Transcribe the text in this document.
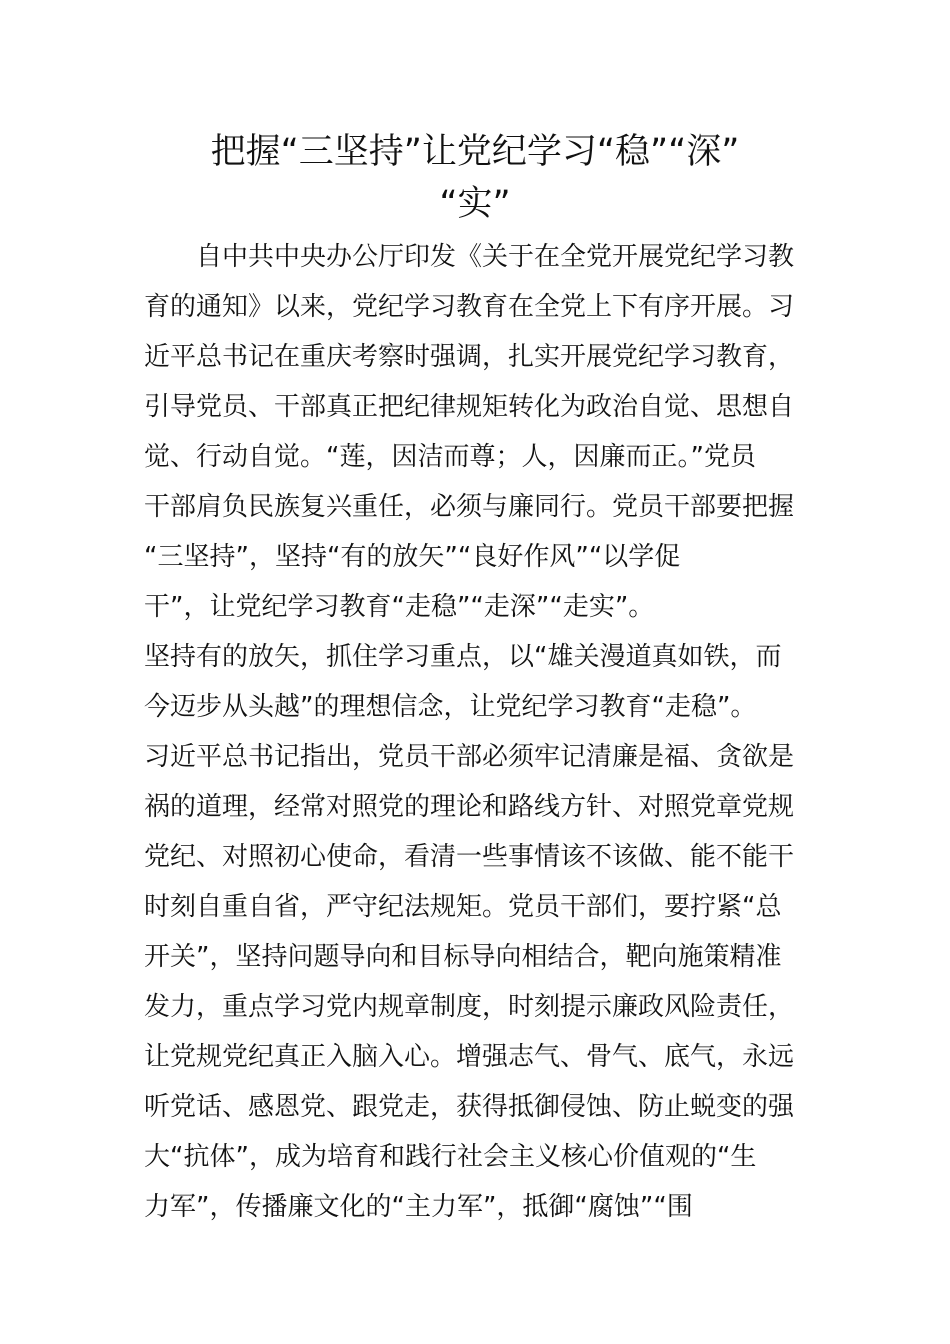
把握“三坚持”让党纪学习“稳”“深”
“实”
　　自中共中央办公厅印发《关于在全党开展党纪学习教
育的通知》以来，党纪学习教育在全党上下有序开展。习
近平总书记在重庆考察时强调，扎实开展党纪学习教育，
引导党员、干部真正把纪律规矩转化为政治自觉、思想自
觉、行动自觉。“莲，因洁而尊；人，因廉而正。”党员
干部肩负民族复兴重任，必须与廉同行。党员干部要把握
“三坚持”，坚持“有的放矢”“良好作风”“以学促
干”，让党纪学习教育“走稳”“走深”“走实”。
坚持有的放矢，抓住学习重点，以“雄关漫道真如铁，而
今迈步从头越”的理想信念，让党纪学习教育“走稳”。
习近平总书记指出，党员干部必须牢记清廉是福、贪欲是
祸的道理，经常对照党的理论和路线方针、对照党章党规
党纪、对照初心使命，看清一些事情该不该做、能不能干
时刻自重自省，严守纪法规矩。党员干部们，要拧紧“总
开关”，坚持问题导向和目标导向相结合，靶向施策精准
发力，重点学习党内规章制度，时刻提示廉政风险责任，
让党规党纪真正入脑入心。增强志气、骨气、底气，永远
听党话、感恩党、跟党走，获得抵御侵蚀、防止蜕变的强
大“抗体”，成为培育和践行社会主义核心价值观的“生
力军”，传播廉文化的“主力军”，抵御“腐蚀”“围
